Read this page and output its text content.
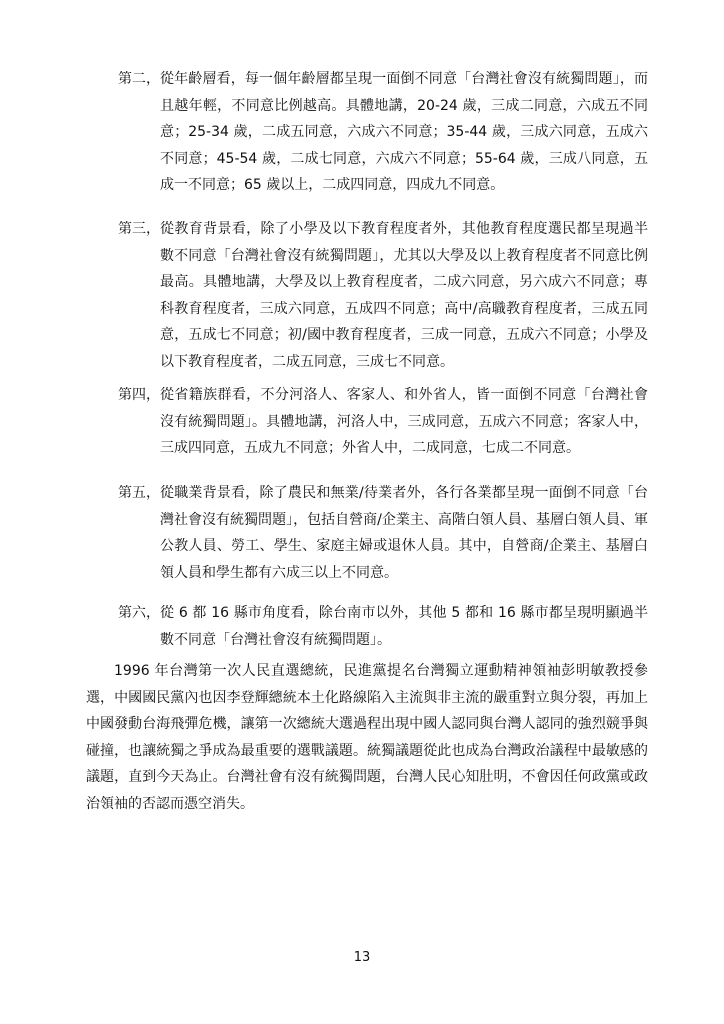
第二， 從年齡層看，每一個年齡層都呈現一面倒不同意「台灣社會沒有統獨問題」，而且越年輕，不同意比例越高。具體地講，20-24 歲，三成二同意，六成五不同意；25-34 歲，二成五同意，六成六不同意；35-44 歲，三成六同意，五成六不同意；45-54 歲，二成七同意，六成六不同意；55-64 歲，三成八同意，五成一不同意；65 歲以上，二成四同意，四成九不同意。
第三， 從教育背景看，除了小學及以下教育程度者外，其他教育程度選民都呈現過半數不同意「台灣社會沒有統獨問題」，尤其以大學及以上教育程度者不同意比例最高。具體地講，大學及以上教育程度者，二成六同意，另六成六不同意；專科教育程度者，三成六同意，五成四不同意；高中/高職教育程度者，三成五同意，五成七不同意；初/國中教育程度者，三成一同意，五成六不同意；小學及以下教育程度者，二成五同意，三成七不同意。
第四， 從省籍族群看，不分河洛人、客家人、和外省人，皆一面倒不同意「台灣社會沒有統獨問題」。具體地講，河洛人中，三成同意，五成六不同意；客家人中，三成四同意，五成九不同意；外省人中，二成同意，七成二不同意。
第五， 從職業背景看，除了農民和無業/待業者外，各行各業都呈現一面倒不同意「台灣社會沒有統獨問題」，包括自營商/企業主、高階白領人員、基層白領人員、軍公教人員、勞工、學生、家庭主婦或退休人員。其中，自營商/企業主、基層白領人員和學生都有六成三以上不同意。
第六， 從 6 都 16 縣市角度看，除台南市以外，其他 5 都和 16 縣市都呈現明顯過半數不同意「台灣社會沒有統獨問題」。

1996 年台灣第一次人民直選總統，民進黨提名台灣獨立運動精神領袖彭明敏教授參選，中國國民黨內也因李登輝總統本土化路線陷入主流與非主流的嚴重對立與分裂，再加上中國發動台海飛彈危機，讓第一次總統大選過程出現中國人認同與台灣人認同的強烈競爭與碰撞，也讓統獨之爭成為最重要的選戰議題。統獨議題從此也成為台灣政治議程中最敏感的議題，直到今天為止。台灣社會有沒有統獨問題，台灣人民心知肚明，不會因任何政黨或政治領袖的否認而憑空消失。

13
